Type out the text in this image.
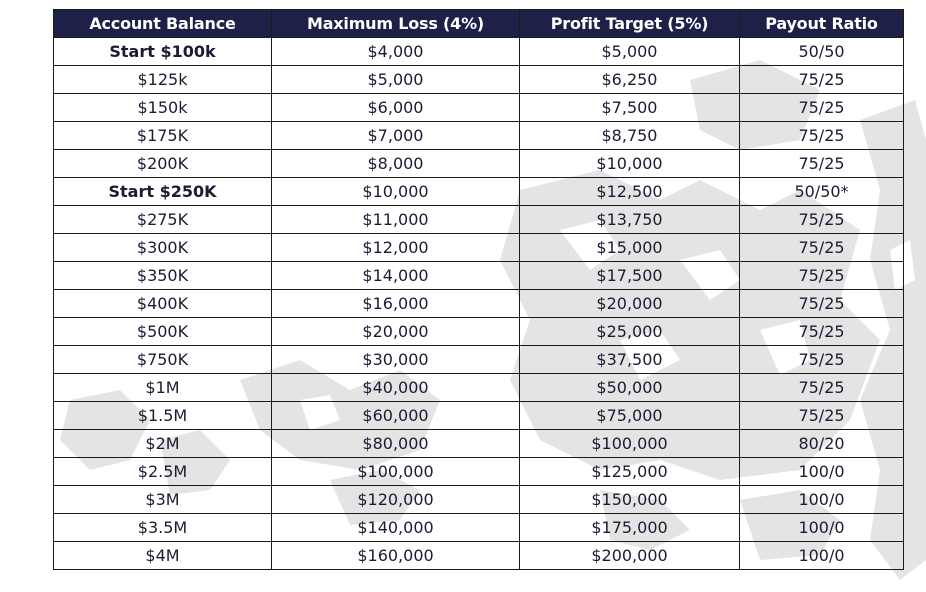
Account Balance	Maximum Loss (4%)	Profit Target (5%)	Payout Ratio
Start $100k	$4,000	$5,000	50/50
$125k	$5,000	$6,250	75/25
$150k	$6,000	$7,500	75/25
$175K	$7,000	$8,750	75/25
$200K	$8,000	$10,000	75/25
Start $250K	$10,000	$12,500	50/50*
$275K	$11,000	$13,750	75/25
$300K	$12,000	$15,000	75/25
$350K	$14,000	$17,500	75/25
$400K	$16,000	$20,000	75/25
$500K	$20,000	$25,000	75/25
$750K	$30,000	$37,500	75/25
$1M	$40,000	$50,000	75/25
$1.5M	$60,000	$75,000	75/25
$2M	$80,000	$100,000	80/20
$2.5M	$100,000	$125,000	100/0
$3M	$120,000	$150,000	100/0
$3.5M	$140,000	$175,000	100/0
$4M	$160,000	$200,000	100/0
